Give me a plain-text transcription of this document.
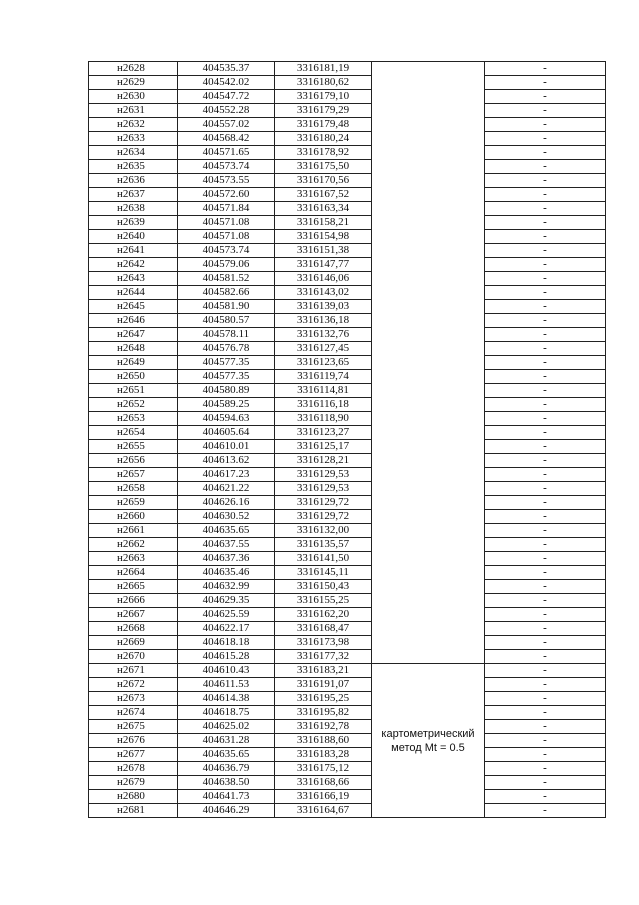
н2628	404535.37	3316181,19		-
н2629	404542.02	3316180,62		-
н2630	404547.72	3316179,10		-
н2631	404552.28	3316179,29		-
н2632	404557.02	3316179,48		-
н2633	404568.42	3316180,24		-
н2634	404571.65	3316178,92		-
н2635	404573.74	3316175,50		-
н2636	404573.55	3316170,56		-
н2637	404572.60	3316167,52		-
н2638	404571.84	3316163,34		-
н2639	404571.08	3316158,21		-
н2640	404571.08	3316154,98		-
н2641	404573.74	3316151,38		-
н2642	404579.06	3316147,77		-
н2643	404581.52	3316146,06		-
н2644	404582.66	3316143,02		-
н2645	404581.90	3316139,03		-
н2646	404580.57	3316136,18		-
н2647	404578.11	3316132,76		-
н2648	404576.78	3316127,45		-
н2649	404577.35	3316123,65		-
н2650	404577.35	3316119,74		-
н2651	404580.89	3316114,81		-
н2652	404589.25	3316116,18		-
н2653	404594.63	3316118,90		-
н2654	404605.64	3316123,27		-
н2655	404610.01	3316125,17		-
н2656	404613.62	3316128,21		-
н2657	404617.23	3316129,53		-
н2658	404621.22	3316129,53		-
н2659	404626.16	3316129,72		-
н2660	404630.52	3316129,72		-
н2661	404635.65	3316132,00		-
н2662	404637.55	3316135,57		-
н2663	404637.36	3316141,50		-
н2664	404635.46	3316145,11		-
н2665	404632.99	3316150,43		-
н2666	404629.35	3316155,25		-
н2667	404625.59	3316162,20		-
н2668	404622.17	3316168,47		-
н2669	404618.18	3316173,98		-
н2670	404615.28	3316177,32		-
н2671	404610.43	3316183,21	картометрический метод Mt = 0.5	-
н2672	404611.53	3316191,07		-
н2673	404614.38	3316195,25		-
н2674	404618.75	3316195,82		-
н2675	404625.02	3316192,78		-
н2676	404631.28	3316188,60		-
н2677	404635.65	3316183,28		-
н2678	404636.79	3316175,12		-
н2679	404638.50	3316168,66		-
н2680	404641.73	3316166,19		-
н2681	404646.29	3316164,67		-
